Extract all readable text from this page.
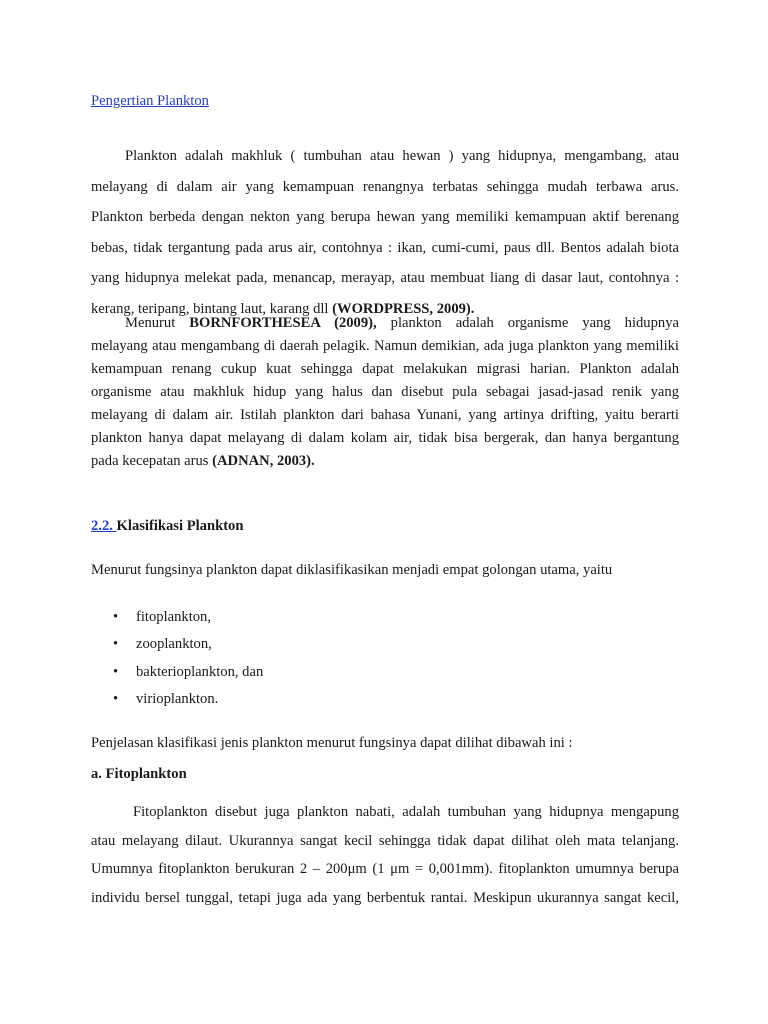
Pengertian Plankton
Plankton adalah makhluk ( tumbuhan atau hewan ) yang hidupnya, mengambang, atau
melayang di dalam air yang kemampuan renangnya terbatas sehingga mudah terbawa arus.
Plankton berbeda dengan nekton yang berupa hewan yang memiliki kemampuan aktif berenang
bebas, tidak tergantung pada arus air, contohnya : ikan, cumi-cumi, paus dll. Bentos adalah biota
yang hidupnya melekat pada, menancap, merayap, atau membuat liang di dasar laut, contohnya :
kerang, teripang, bintang laut, karang dll (WORDPRESS, 2009).
Menurut BORNFORTHESEA (2009), plankton adalah organisme yang hidupnya
melayang atau mengambang di daerah pelagik. Namun demikian, ada juga plankton yang memiliki
kemampuan renang cukup kuat sehingga dapat melakukan migrasi harian. Plankton adalah
organisme atau makhluk hidup yang halus dan disebut pula sebagai jasad-jasad renik yang
melayang di dalam air. Istilah plankton dari bahasa Yunani, yang artinya drifting, yaitu berarti
plankton hanya dapat melayang di dalam kolam air, tidak bisa bergerak, dan hanya bergantung
pada kecepatan arus (ADNAN, 2003).
2.2. Klasifikasi Plankton
Menurut fungsinya plankton dapat diklasifikasikan menjadi empat golongan utama, yaitu
• fitoplankton,
• zooplankton,
• bakterioplankton, dan
• virioplankton.
Penjelasan klasifikasi jenis plankton menurut fungsinya dapat dilihat dibawah ini :
a. Fitoplankton
Fitoplankton disebut juga plankton nabati, adalah tumbuhan yang hidupnya mengapung
atau melayang dilaut. Ukurannya sangat kecil sehingga tidak dapat dilihat oleh mata telanjang.
Umumnya fitoplankton berukuran 2 – 200μm (1 μm = 0,001mm). fitoplankton umumnya berupa
individu bersel tunggal, tetapi juga ada yang berbentuk rantai. Meskipun ukurannya sangat kecil,
